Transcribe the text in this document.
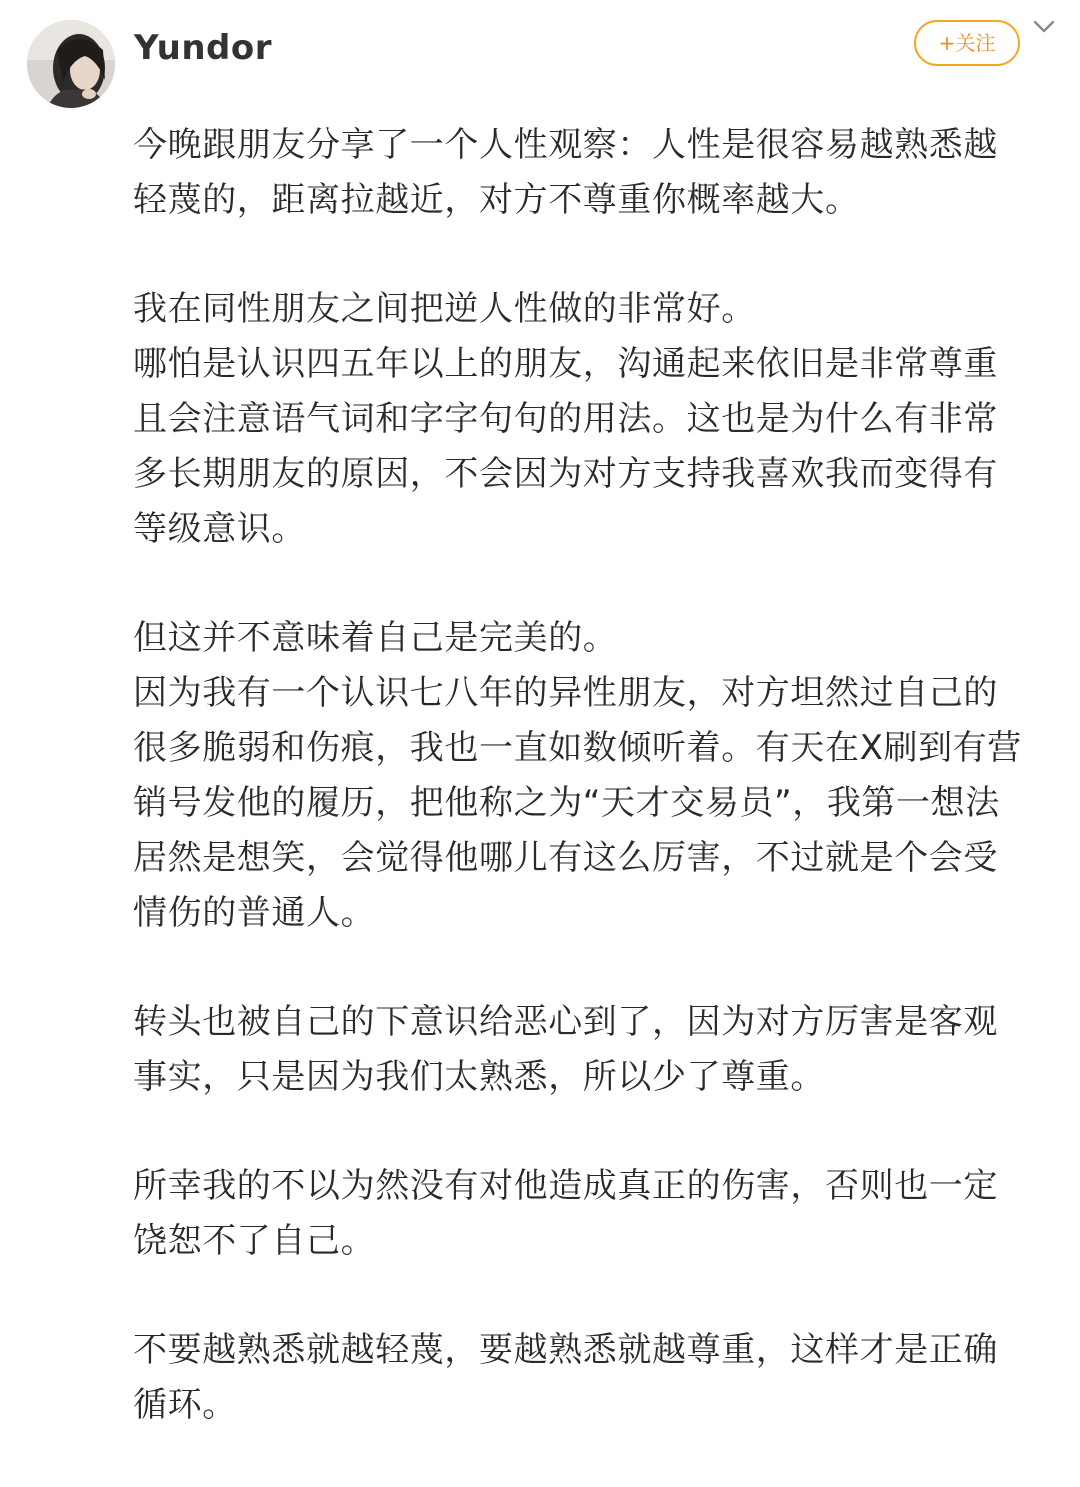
Yundor	+关注
今晚跟朋友分享了一个人性观察：人性是很容易越熟悉越
轻蔑的，距离拉越近，对方不尊重你概率越大。
我在同性朋友之间把逆人性做的非常好。
哪怕是认识四五年以上的朋友，沟通起来依旧是非常尊重
且会注意语气词和字字句句的用法。这也是为什么有非常
多长期朋友的原因，不会因为对方支持我喜欢我而变得有
等级意识。
但这并不意味着自己是完美的。
因为我有一个认识七八年的异性朋友，对方坦然过自己的
很多脆弱和伤痕，我也一直如数倾听着。有天在X刷到有营
销号发他的履历，把他称之为“天才交易员”，我第一想法
居然是想笑，会觉得他哪儿有这么厉害，不过就是个会受
情伤的普通人。
转头也被自己的下意识给恶心到了，因为对方厉害是客观
事实，只是因为我们太熟悉，所以少了尊重。
所幸我的不以为然没有对他造成真正的伤害，否则也一定
饶恕不了自己。
不要越熟悉就越轻蔑，要越熟悉就越尊重，这样才是正确
循环。
